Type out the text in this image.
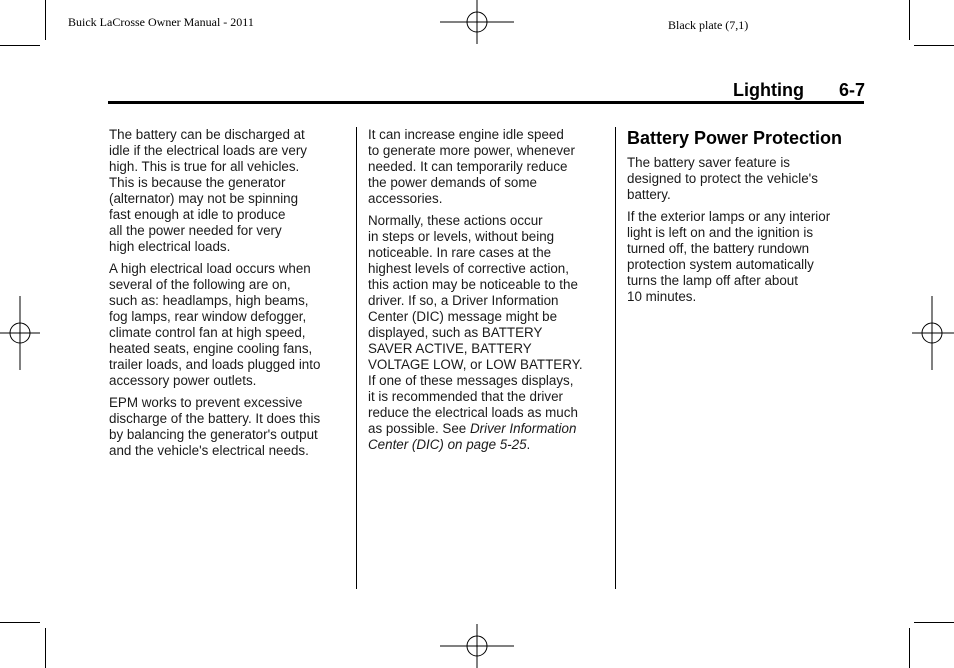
Buick LaCrosse Owner Manual - 2011	Black plate (7,1)
Lighting 6-7

The battery can be discharged at
idle if the electrical loads are very
high. This is true for all vehicles.
This is because the generator
(alternator) may not be spinning
fast enough at idle to produce
all the power needed for very
high electrical loads.

A high electrical load occurs when
several of the following are on,
such as: headlamps, high beams,
fog lamps, rear window defogger,
climate control fan at high speed,
heated seats, engine cooling fans,
trailer loads, and loads plugged into
accessory power outlets.

EPM works to prevent excessive
discharge of the battery. It does this
by balancing the generator's output
and the vehicle's electrical needs.

It can increase engine idle speed
to generate more power, whenever
needed. It can temporarily reduce
the power demands of some
accessories.

Normally, these actions occur
in steps or levels, without being
noticeable. In rare cases at the
highest levels of corrective action,
this action may be noticeable to the
driver. If so, a Driver Information
Center (DIC) message might be
displayed, such as BATTERY
SAVER ACTIVE, BATTERY
VOLTAGE LOW, or LOW BATTERY.
If one of these messages displays,
it is recommended that the driver
reduce the electrical loads as much
as possible. See Driver Information
Center (DIC) on page 5-25.

Battery Power Protection

The battery saver feature is
designed to protect the vehicle's
battery.

If the exterior lamps or any interior
light is left on and the ignition is
turned off, the battery rundown
protection system automatically
turns the lamp off after about
10 minutes.
